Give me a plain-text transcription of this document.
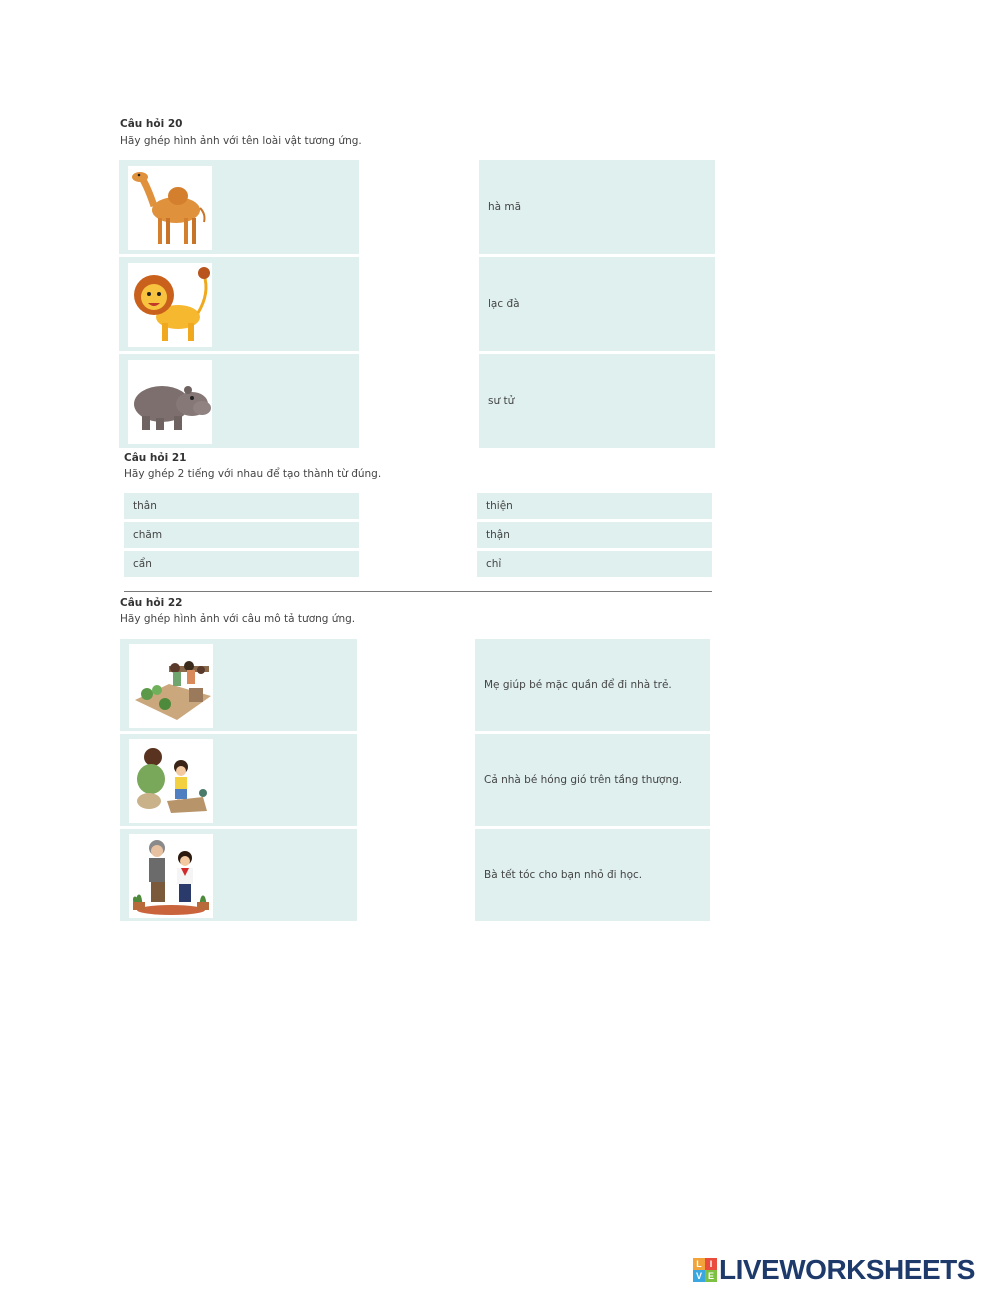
Câu hỏi 20
Hãy ghép hình ảnh với tên loài vật tương ứng.
hà mã
lạc đà
sư tử
Câu hỏi 21
Hãy ghép 2 tiếng với nhau để tạo thành từ đúng.
thân
chăm
cẩn
thiện
thận
chỉ
Câu hỏi 22
Hãy ghép hình ảnh với câu mô tả tương ứng.
Mẹ giúp bé mặc quần để đi nhà trẻ.
Cả nhà bé hóng gió trên tầng thượng.
Bà tết tóc cho bạn nhỏ đi học.
L I
V E LIVEWORKSHEETS
